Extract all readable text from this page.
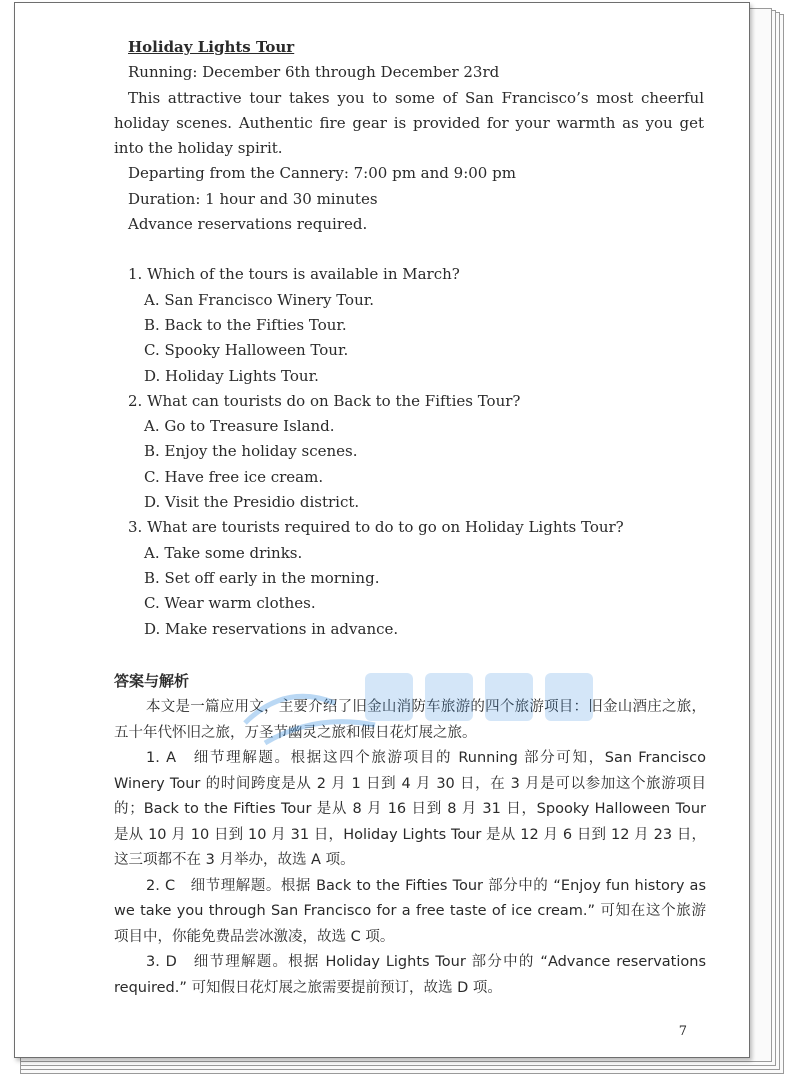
Holiday Lights Tour
Running: December 6th through December 23rd
This attractive tour takes you to some of San Francisco’s most cheerful holiday scenes. Authentic fire gear is provided for your warmth as you get into the holiday spirit.
Departing from the Cannery: 7:00 pm and 9:00 pm
Duration: 1 hour and 30 minutes
Advance reservations required.
1. Which of the tours is available in March?
A. San Francisco Winery Tour.
B. Back to the Fifties Tour.
C. Spooky Halloween Tour.
D. Holiday Lights Tour.
2. What can tourists do on Back to the Fifties Tour?
A. Go to Treasure Island.
B. Enjoy the holiday scenes.
C. Have free ice cream.
D. Visit the Presidio district.
3. What are tourists required to do to go on Holiday Lights Tour?
A. Take some drinks.
B. Set off early in the morning.
C. Wear warm clothes.
D. Make reservations in advance.
答案与解析

本文是一篇应用文，主要介绍了旧金山消防车旅游的四个旅游项目：旧金山酒庄之旅，五十年代怀旧之旅，万圣节幽灵之旅和假日花灯展之旅。

1. A　细节理解题。根据这四个旅游项目的 Running 部分可知，San Francisco Winery Tour 的时间跨度是从 2 月 1 日到 4 月 30 日，在 3 月是可以参加这个旅游项目的；Back to the Fifties Tour 是从 8 月 16 日到 8 月 31 日，Spooky Halloween Tour 是从 10 月 10 日到 10 月 31 日，Holiday Lights Tour 是从 12 月 6 日到 12 月 23 日，这三项都不在 3 月举办，故选 A 项。

2. C　细节理解题。根据 Back to the Fifties Tour 部分中的 “Enjoy fun history as we take you through San Francisco for a free taste of ice cream.” 可知在这个旅游项目中，你能免费品尝冰激凌，故选 C 项。

3. D　细节理解题。根据 Holiday Lights Tour 部分中的 “Advance reservations required.” 可知假日花灯展之旅需要提前预订，故选 D 项。

7
